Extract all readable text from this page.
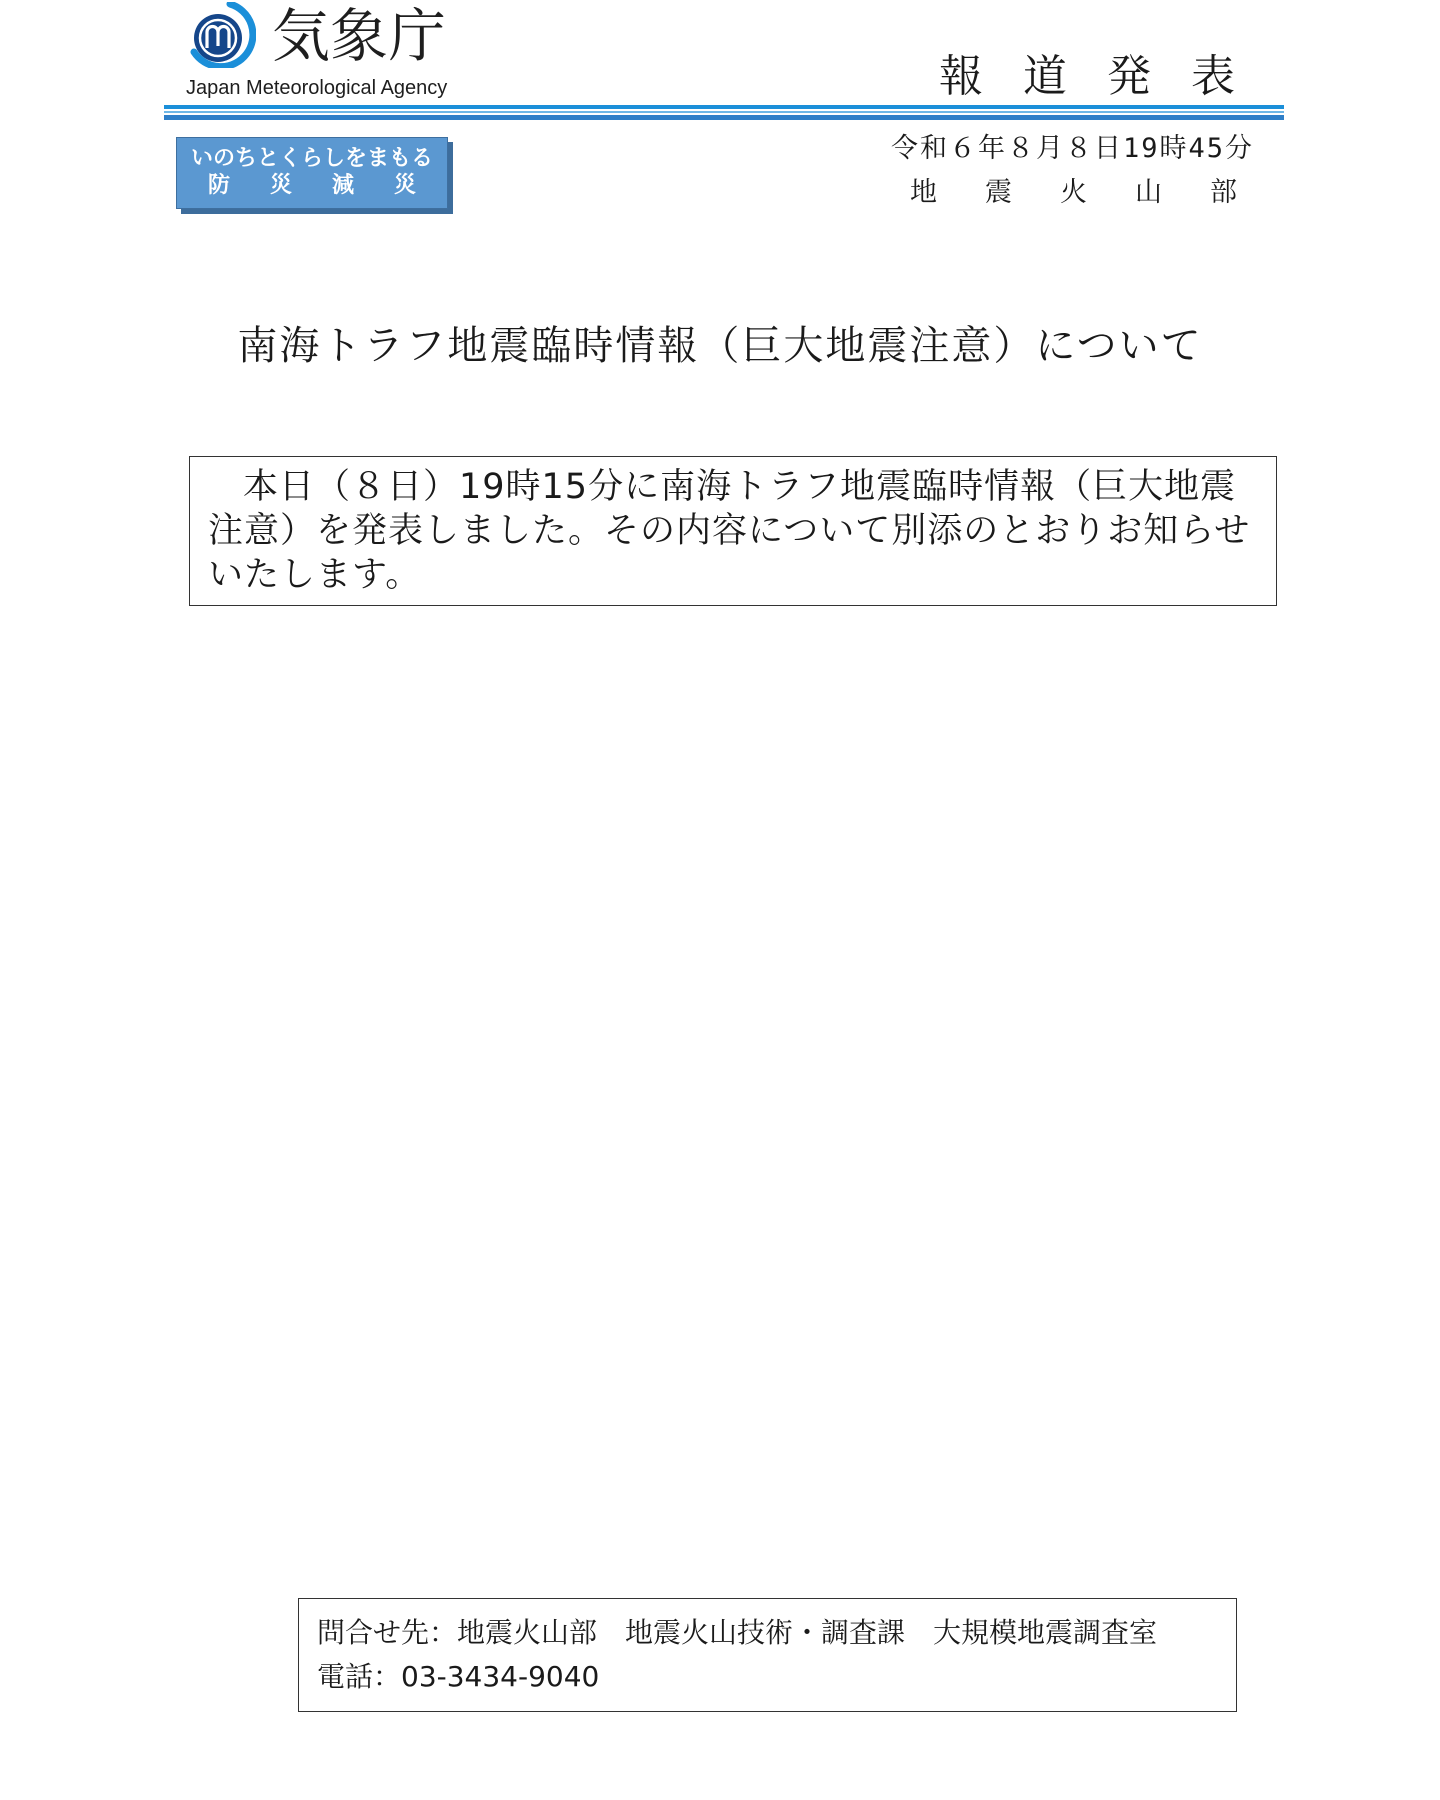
気象庁
Japan Meteorological Agency	報道発表
いのちとくらしをまもる
防災減災
令和６年８月８日19時45分
地震火山部
南海トラフ地震臨時情報（巨大地震注意）について

本日（８日）19時15分に南海トラフ地震臨時情報（巨大地震注意）を発表しました。その内容について別添のとおりお知らせいたします。

問合せ先：地震火山部　地震火山技術・調査課　大規模地震調査室
電話：03-3434-9040
